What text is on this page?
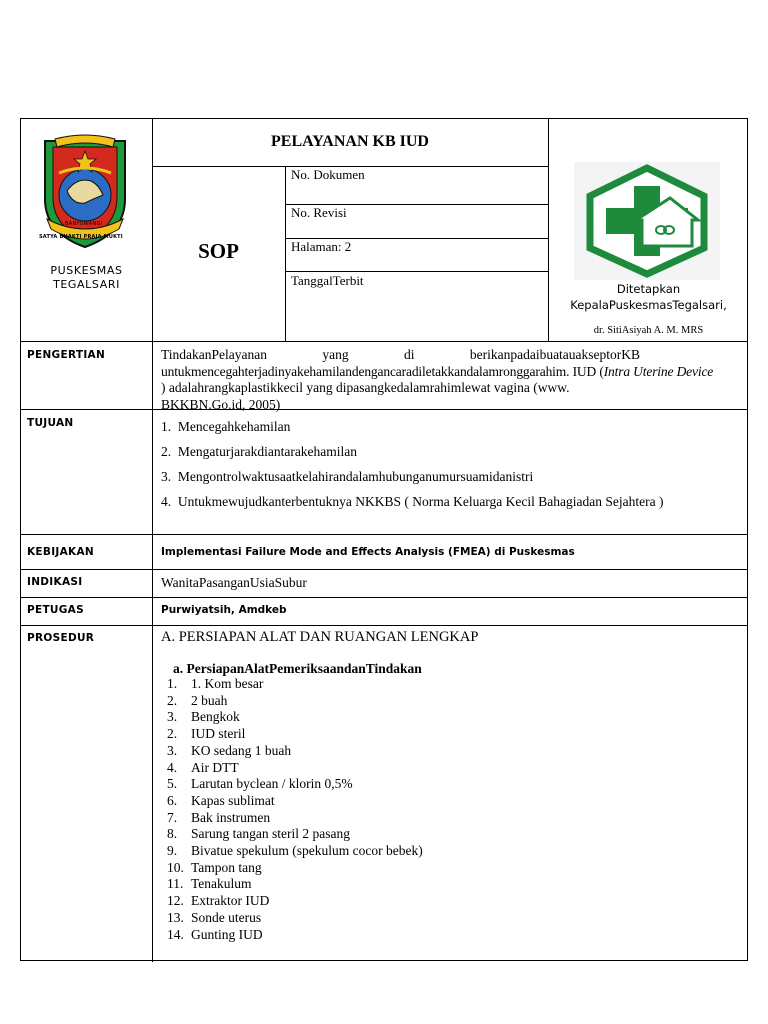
BANYUWANGI
SATYA BHAKTI PRAJA MUKTI
PUSKESMAS
TEGALSARI
PELAYANAN KB IUD
SOP
No. Dokumen
No. Revisi
Halaman: 2
TanggalTerbit
Ditetapkan
KepalaPuskesmasTegalsari,
dr. SitiAsiyah A. M. MRS
PENGERTIAN	TindakanPelayanan yang di berikanpadaibuatauakseptorKB
untukmencegahterjadinyakehamilandengancaradiletakkandalamronggarahim. IUD (Intra Uterine Device
) adalahrangkaplastikkecil yang dipasangkedalamrahimlewat vagina (www.
BKKBN.Go.id, 2005)
TUJUAN	1.  Mencegahkehamilan
2.  Mengaturjarakdiantarakehamilan
3.  Mengontrolwaktusaatkelahirandalamhubunganumursuamidanistri
4.  Untukmewujudkanterbentuknya NKKBS ( Norma Keluarga Kecil Bahagiadan Sejahtera )
KEBIJAKAN	Implementasi Failure Mode and Effects Analysis (FMEA) di Puskesmas
INDIKASI	WanitaPasanganUsiaSubur
PETUGAS	Purwiyatsih, Amdkeb
PROSEDUR	A. PERSIAPAN ALAT DAN RUANGAN LENGKAP
a. PersiapanAlatPemeriksaandanTindakan
1.	1. Kom besar
2.	2 buah
3.	Bengkok
2.	IUD steril
3.	KO sedang 1 buah
4.	Air DTT
5.	Larutan byclean / klorin 0,5%
6.	Kapas sublimat
7.	Bak instrumen
8.	Sarung tangan steril 2 pasang
9.	Bivatue spekulum (spekulum cocor bebek)
10. Tampon tang
11. Tenakulum
12. Extraktor IUD
13. Sonde uterus
14. Gunting IUD
